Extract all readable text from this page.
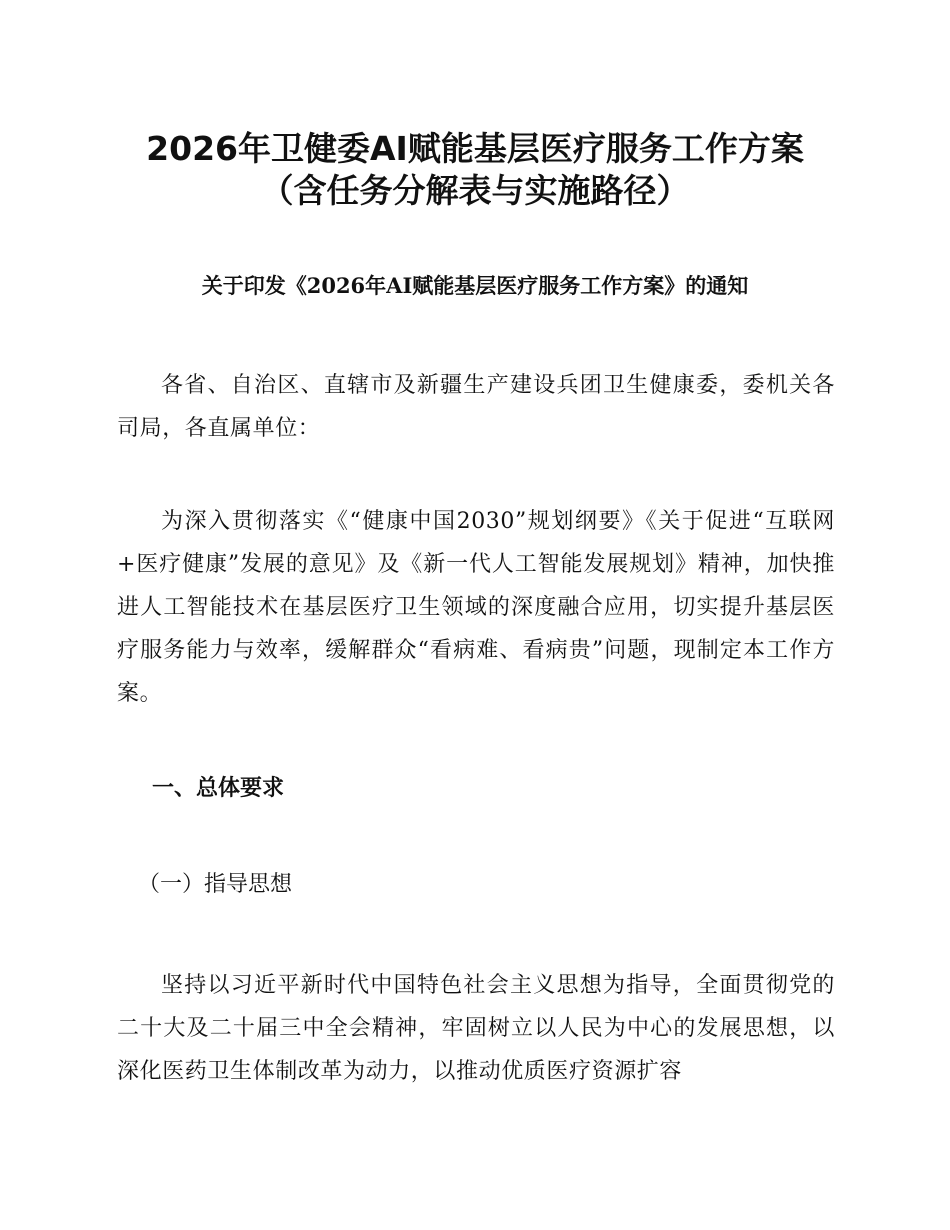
2026年卫健委AI赋能基层医疗服务工作方案
（含任务分解表与实施路径）
关于印发《2026年AI赋能基层医疗服务工作方案》的通知
各省、自治区、直辖市及新疆生产建设兵团卫生健康委，委机关各司局，各直属单位：
为深入贯彻落实《“健康中国2030”规划纲要》《关于促进“互联网+医疗健康”发展的意见》及《新一代人工智能发展规划》精神，加快推进人工智能技术在基层医疗卫生领域的深度融合应用，切实提升基层医疗服务能力与效率，缓解群众“看病难、看病贵”问题，现制定本工作方案。
一、总体要求
（一）指导思想
坚持以习近平新时代中国特色社会主义思想为指导，全面贯彻党的二十大及二十届三中全会精神，牢固树立以人民为中心的发展思想，以深化医药卫生体制改革为动力，以推动优质医疗资源扩容
